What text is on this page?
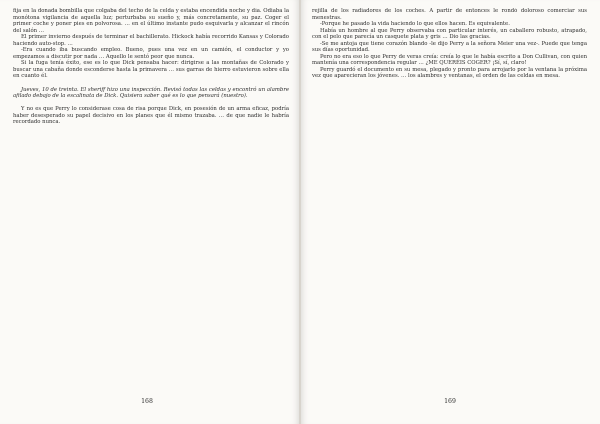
fija en la donada bombilla que colgaba del techo de la celda y estaba encendida noche y día. Odiaba la monótona vigilancia de aquella luz; perturbaba su sueño y, más concretamente, su paz. Coger el primer coche y poner pies en polvorosa. … en el último instante pudo esquivarla y alcanzar el rincón del salón …

El primer invierno después de terminar el bachillerato. Hickock había recorrido Kansas y Colorado haciendo auto-stop. …

-Era cuando iba buscando empleo. Bueno, pues una vez en un camión, el conductor y yo empezamos a discutir por nada … Aquello le sentó peor que nunca.

Si la fuga tenía éxito, ese es lo que Dick pensaba hacer: dirigirse a las montañas de Colorado y buscar una cabaña donde esconderse hasta la primavera … sus garras de hierro estuvieron sobre ella en cuanto él.

Jueves, 10 de treinta. El sheriff hizo una inspección. Revisó todas las celdas y encontró un alambre afilado debajo de la escalinata de Dick. Quisiera saber qué es lo que pensará (nuestro).

Y no es que Perry lo considerase cosa de risa porque Dick, en posesión de un arma eficaz, podría haber desesperado su papel decisivo en los planes que él mismo trazaba. … de que nadie le habría recordado nunca.

168

rejilla de los radiadores de los coches. A partir de entonces le rondó doloroso comerciar sus menestras.

-Porque he pasado la vida haciendo lo que ellos hacen. Es equivalente.

Había un hombre al que Perry observaba con particular interés, un caballero robusto, atrapado, con el pelo que parecía un casquete plata y gris … Dio las gracias.

-Se me antoja que tiene corazón blando -le dijo Perry a la señora Meier una vez-. Puede que tenga sus días oportunidad.

Pero no era eso lo que Perry de veras creía: creía lo que le había escrito a Don Cullivan, con quien mantenía una correspondencia regular … ¿ME QUERÉIS COGER? ¡Sí, sí, claro!

Perry guardó el documento en su mesa, plegado y pronto para arrojarlo por la ventana la próxima vez que aparecieran los jóvenes. … los alambres y ventanas, el orden de las celdas en mesa.

169
